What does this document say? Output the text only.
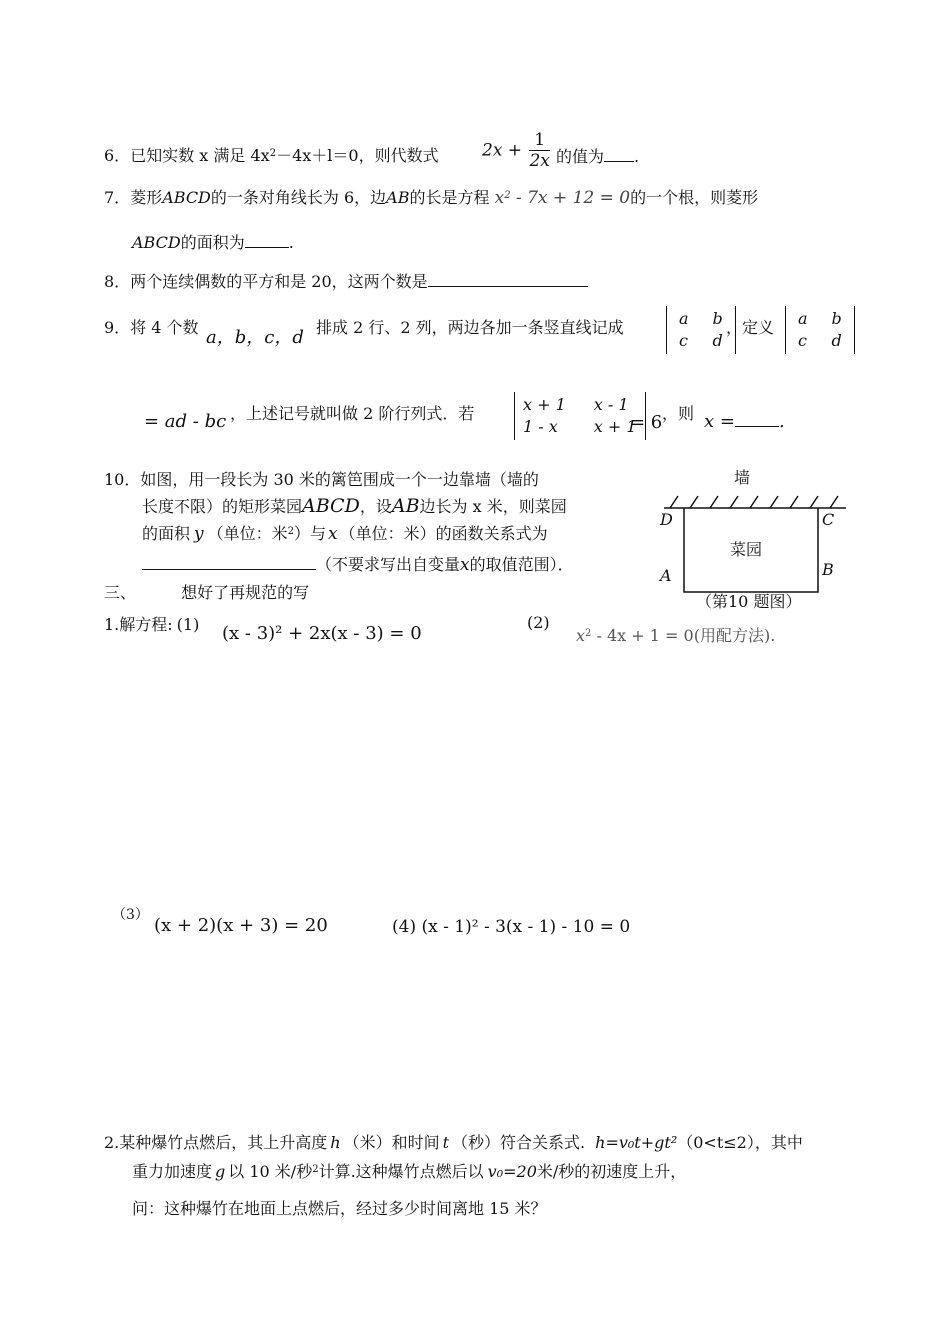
6．已知实数 x 满足 $4x^2-4x+l=0$，则代数式	$2x + \frac{1}{2x}$ 的值为 .
7．菱形ABCD的一条对角线长为 6，边AB的长是方程 $x^2 - 7x + 12 = 0$的一个根，则菱形
ABCD的面积为	.
8．两个连续偶数的平方和是 20，这两个数是
9．将 4 个数 a，b，c，d 排成 2 行、2 列，两边各加一条竖直线记成	a	b
c	d
，定义 a	b
c	d
= ad - bc ，上述记号就叫做 2 阶行列式．若	x + 1	x - 1
1 - x	x + 1
= 6 ，则 x = .
10．如图，用一段长为 30 米的篱笆围成一个一边靠墙（墙的
长度不限）的矩形菜园ABCD，设AB边长为 x 米，则菜园
的面积 y （单位：米$^2$）与 x （单位：米）的函数关系式为
（不要求写出自变量x的取值范围）．
墙
D	C
A	B
菜园
（第10 题图）
三、	想好了再规范的写
1.解方程: (1) (x - 3)² + 2x(x - 3) = 0
(2)
$x^2 - 4x + 1 = 0$(用配方法).
（3） (x + 2)(x + 3) = 20	(4) (x - 1)² - 3(x - 1) - 10 = 0
2.某种爆竹点燃后，其上升高度 h （米）和时间 t （秒）符合关系式. h=v₀t+gt²（0<t≤2），其中
重力加速度 g 以 10 米/秒$^2$计算.这种爆竹点燃后以 v₀=20米/秒的初速度上升，
问：这种爆竹在地面上点燃后，经过多少时间离地 15 米？
